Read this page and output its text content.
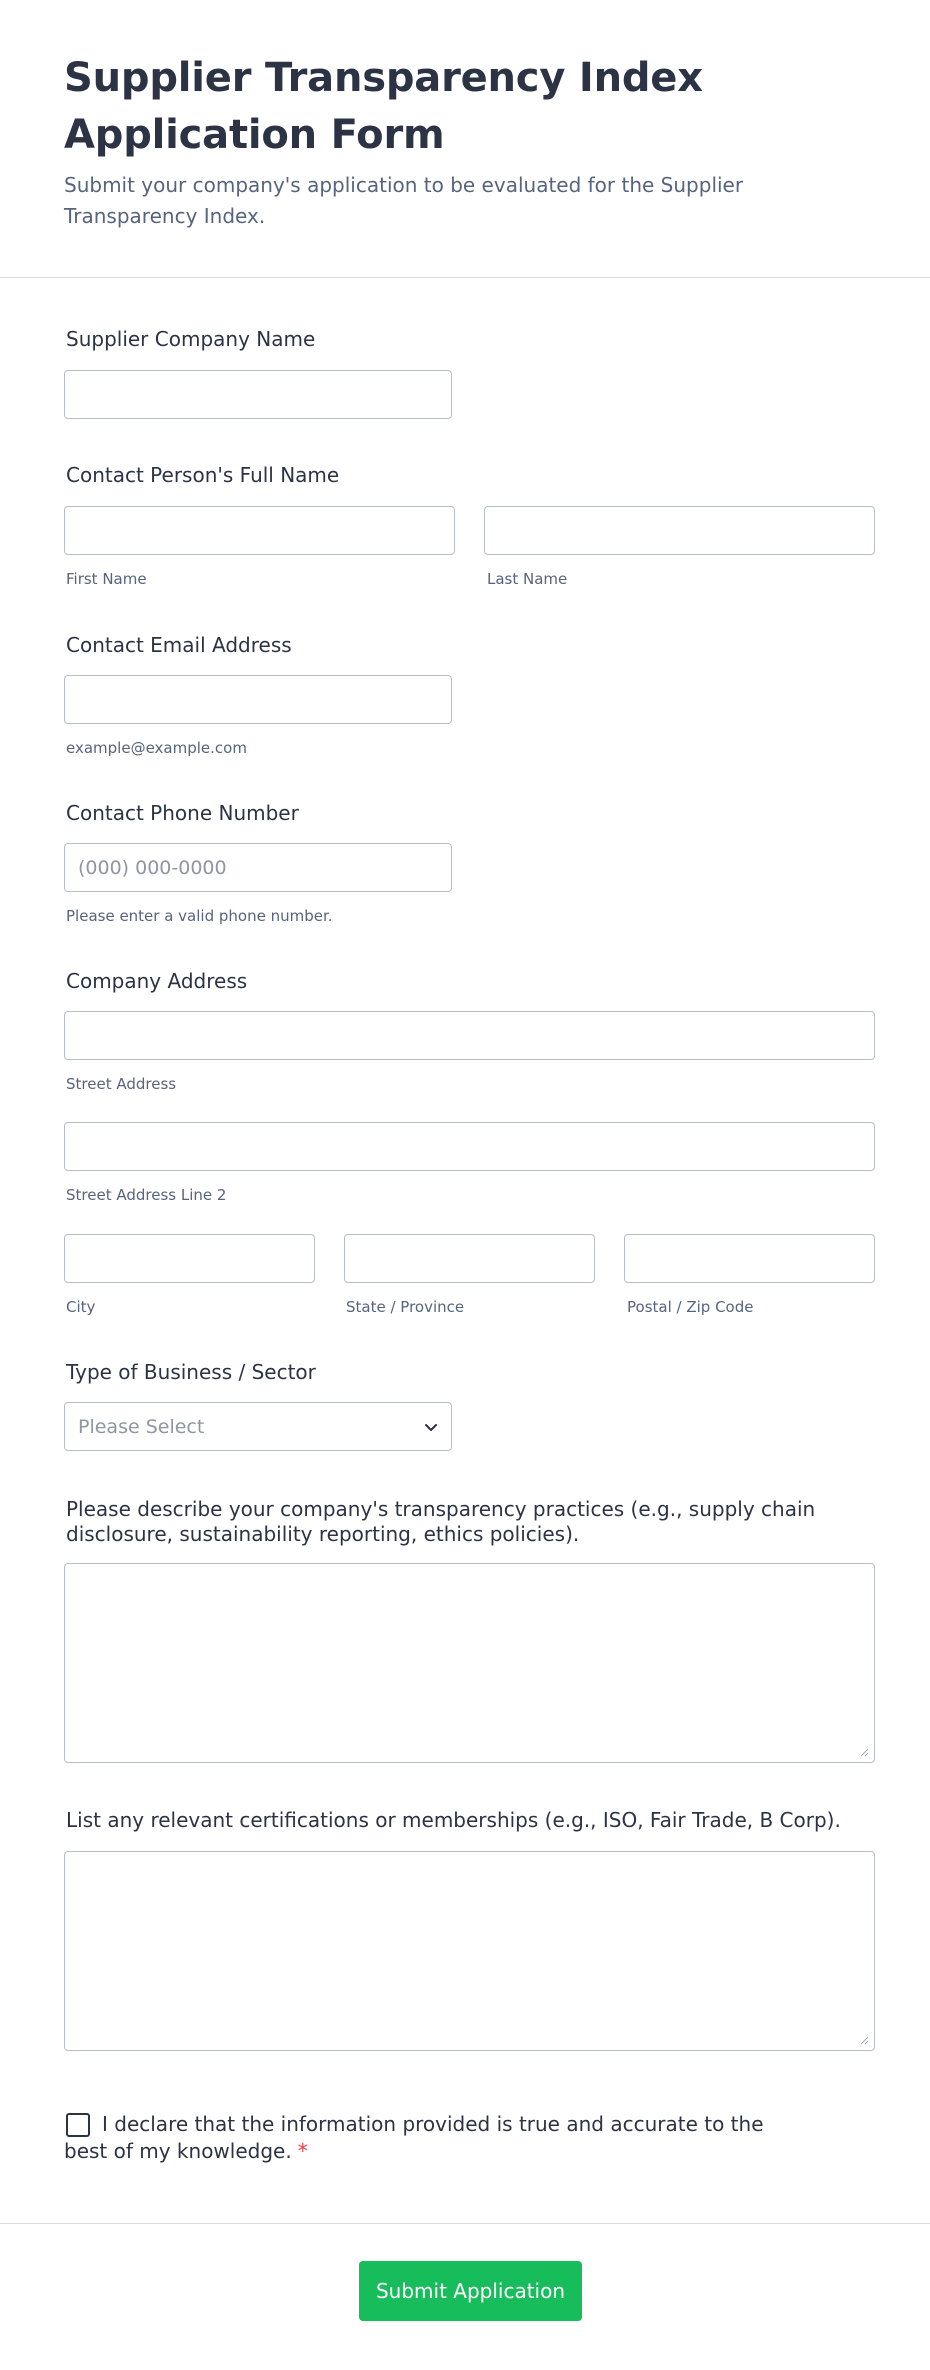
Supplier Transparency Index Application Form

Submit your company's application to be evaluated for the Supplier Transparency Index.

Supplier Company Name
Contact Person's Full Name
First Name	Last Name
Contact Email Address
example@example.com
Contact Phone Number
(000) 000-0000
Please enter a valid phone number.
Company Address
Street Address
Street Address Line 2
City	State / Province	Postal / Zip Code
Type of Business / Sector
Please Select
Please describe your company's transparency practices (e.g., supply chain disclosure, sustainability reporting, ethics policies).
List any relevant certifications or memberships (e.g., ISO, Fair Trade, B Corp).
I declare that the information provided is true and accurate to the best of my knowledge. *
Submit Application
